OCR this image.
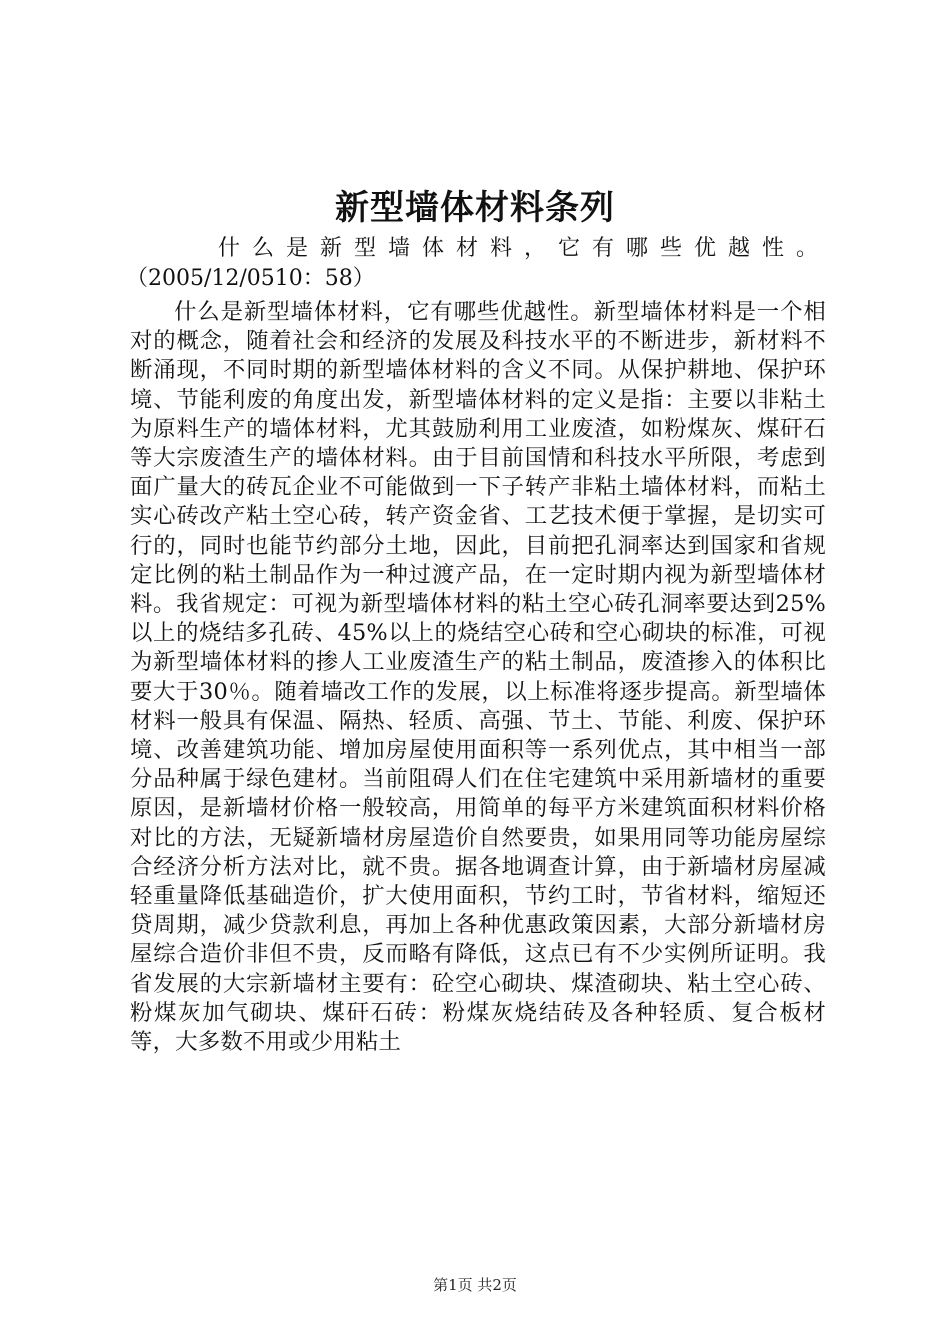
新型墙体材料条列
什么是新型墙体材料，它有哪些优越性。
（2005/12/0510：58）
什么是新型墙体材料，它有哪些优越性。新型墙体材料是一个相对的概念，随着社会和经济的发展及科技水平的不断进步，新材料不断涌现，不同时期的新型墙体材料的含义不同。从保护耕地、保护环境、节能利废的角度出发，新型墙体材料的定义是指：主要以非粘土为原料生产的墙体材料，尤其鼓励利用工业废渣，如粉煤灰、煤矸石等大宗废渣生产的墙体材料。由于目前国情和科技水平所限，考虑到面广量大的砖瓦企业不可能做到一下子转产非粘土墙体材料，而粘土实心砖改产粘土空心砖，转产资金省、工艺技术便于掌握，是切实可行的，同时也能节约部分土地，因此，目前把孔洞率达到国家和省规定比例的粘土制品作为一种过渡产品，在一定时期内视为新型墙体材料。我省规定：可视为新型墙体材料的粘土空心砖孔洞率要达到25%以上的烧结多孔砖、45%以上的烧结空心砖和空心砌块的标准，可视为新型墙体材料的掺人工业废渣生产的粘土制品，废渣掺入的体积比要大于30％。随着墙改工作的发展，以上标准将逐步提高。新型墙体材料一般具有保温、隔热、轻质、高强、节土、节能、利废、保护环境、改善建筑功能、增加房屋使用面积等一系列优点，其中相当一部分品种属于绿色建材。当前阻碍人们在住宅建筑中采用新墙材的重要原因，是新墙材价格一般较高，用简单的每平方米建筑面积材料价格对比的方法，无疑新墙材房屋造价自然要贵，如果用同等功能房屋综合经济分析方法对比，就不贵。据各地调查计算，由于新墙材房屋减轻重量降低基础造价，扩大使用面积，节约工时，节省材料，缩短还贷周期，减少贷款利息，再加上各种优惠政策因素，大部分新墙材房屋综合造价非但不贵，反而略有降低，这点已有不少实例所证明。我省发展的大宗新墙材主要有：砼空心砌块、煤渣砌块、粘土空心砖、粉煤灰加气砌块、煤矸石砖：粉煤灰烧结砖及各种轻质、复合板材等，大多数不用或少用粘土
第1页 共2页
